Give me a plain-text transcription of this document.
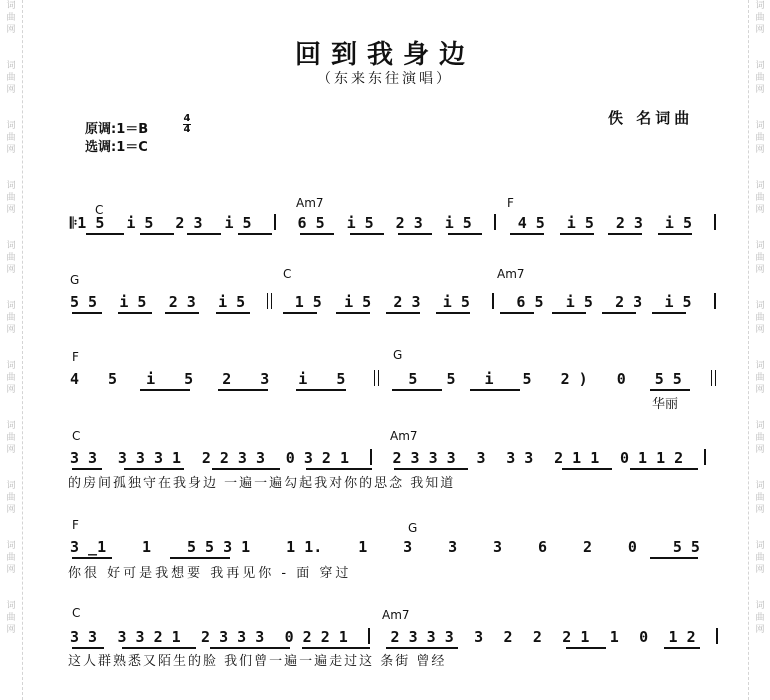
词
曲
网
词
曲
网
词
曲
网
词
曲
网
词
曲
网
词
曲
网
词
曲
网
词
曲
网
词
曲
网
词
曲
网
词
曲
网
词
曲
网
词
曲
网
词
曲
网
词
曲
网
词
曲
网
词
曲
网
词
曲
网
词
曲
网
词
曲
网
词
曲
网
词
曲
网
回到我身边
（东来东往演唱）
原调:1＝B
4
4
选调:1＝C
佚 名词曲
C	Am7	F
𝄆1 5 i 5 2 3 i 5	6 5 i 5 2 3 i 5	4 5 i 5 2 3 i 5
G	C	Am7
5 5 i 5 2 3 i 5	1 5 i 5 2 3 i 5	6 5 i 5 2 3 i 5
F	G
4 5 i 5 2 3 i 5	5 5 i 5 2 ) 0 5 5
华丽
C	Am7
3 3 3 3 3 1 2 2 3 3 0 3 2 1	2 3 3 3 3 3 3 2 1 1 0 1 1 2
的房间孤独守在我身边 一遍一遍勾起我对你的思念 我知道
F	G
3 _1 1 5 5 3 1 1 1. 1 3 3 3 6 2 0 5 5
你很 好可是我想要 我再见你 - 面 穿过
C	Am7
3 3 3 3 2 1 2 3 3 3 0 2 2 1	2 3 3 3 3 2 2 2 1 1 0 1 2
这人群熟悉又陌生的脸 我们曾一遍一遍走过这 条街 曾经
